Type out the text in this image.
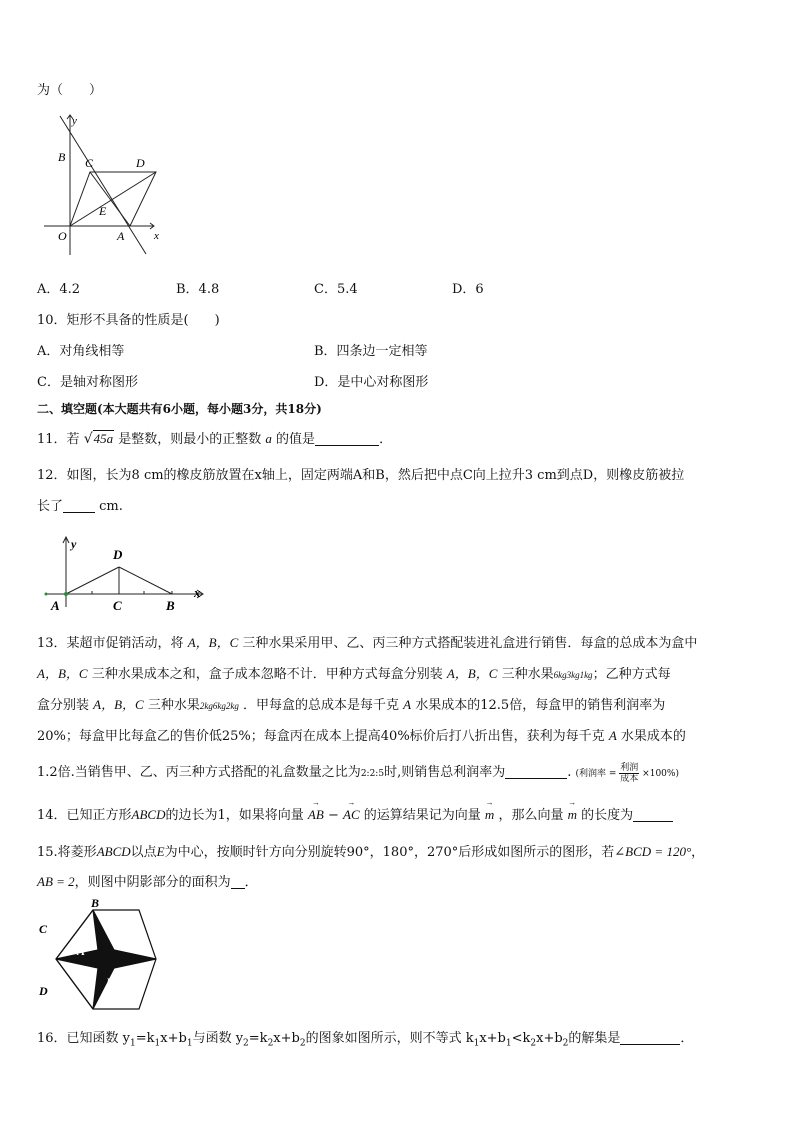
为（　　）
y
x
B C	D
E
O	A
A．4.2	B．4.8	C．5.4	D．6
10．矩形不具备的性质是(　　)
A．对角线相等	B．四条边一定相等
C．是轴对称图形	D．是中心对称图形
二、填空题(本大题共有6小题，每小题3分，共18分)
11．若 √45a 是整数，则最小的正整数 a 的值是	．
12．如图，长为8 cm的橡皮筋放置在x轴上，固定两端A和B，然后把中点C向上拉升3 cm到点D，则橡皮筋被拉
长了	cm.
y
D
x
A	C	B
13．某超市促销活动，将 A，B，C 三种水果采用甲、乙、丙三种方式搭配装进礼盒进行销售．每盒的总成本为盒中
A，B，C 三种水果成本之和，盒子成本忽略不计．甲种方式每盒分别装 A，B，C 三种水果6kg3kg1kg；乙种方式每
盒分别装 A，B，C 三种水果2kg6kg2kg ．甲每盒的总成本是每千克 A 水果成本的12.5倍，每盒甲的销售利润率为
20%；每盒甲比每盒乙的售价低25%；每盒丙在成本上提高40%标价后打八折出售，获利为每千克 A 水果成本的
1.2倍.当销售甲、乙、丙三种方式搭配的礼盒数量之比为2:2:5时,则销售总利润率为	. (利润率 = $\frac{\text{利润}}{\text{成本}} \times 100\%$)
14．已知正方形ABCD的边长为1，如果将向量
→
AB −
→
AC 的运算结果记为向量
→
m ，那么向量
→
m 的长度为
15.将菱形ABCD以点E为中心，按顺时针方向分别旋转90°，180°，270°后形成如图所示的图形，若∠BCD = 120°，
AB = 2，则图中阴影部分的面积为 ．
B
C
A
E
D
16．已知函数 $y_1=k_1x+b_1$与函数 $y_2=k_2x+b_2$的图象如图所示，则不等式 $k_1x+b_1<k_2x+b_2$的解集是	．
